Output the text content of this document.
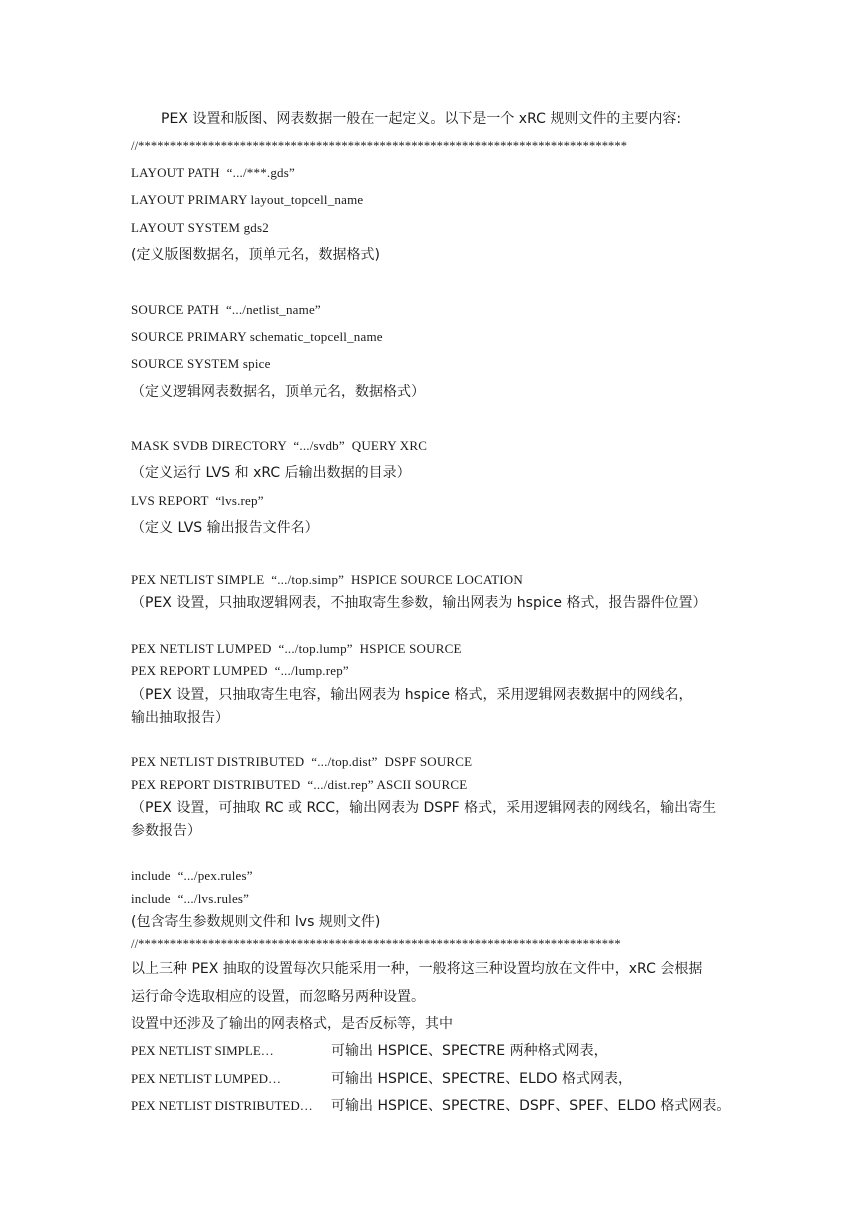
PEX 设置和版图、网表数据一般在一起定义。以下是一个 xRC 规则文件的主要内容:
//*****************************************************************************
LAYOUT PATH  “.../***.gds”
LAYOUT PRIMARY layout_topcell_name
LAYOUT SYSTEM gds2
(定义版图数据名，顶单元名，数据格式)
SOURCE PATH  “.../netlist_name”
SOURCE PRIMARY schematic_topcell_name
SOURCE SYSTEM spice
（定义逻辑网表数据名，顶单元名，数据格式）
MASK SVDB DIRECTORY  “.../svdb”  QUERY XRC
（定义运行 LVS 和 xRC 后输出数据的目录）
LVS REPORT  “lvs.rep”
（定义 LVS 输出报告文件名）
PEX NETLIST SIMPLE  “.../top.simp”  HSPICE SOURCE LOCATION
（PEX 设置，只抽取逻辑网表，不抽取寄生参数，输出网表为 hspice 格式，报告器件位置）
PEX NETLIST LUMPED  “.../top.lump”  HSPICE SOURCE
PEX REPORT LUMPED  “.../lump.rep”
（PEX 设置，只抽取寄生电容，输出网表为 hspice 格式，采用逻辑网表数据中的网线名，
输出抽取报告）
PEX NETLIST DISTRIBUTED  “.../top.dist”  DSPF SOURCE
PEX REPORT DISTRIBUTED  “.../dist.rep” ASCII SOURCE
（PEX 设置，可抽取 RC 或 RCC，输出网表为 DSPF 格式，采用逻辑网表的网线名，输出寄生
参数报告）
include  “.../pex.rules”
include  “.../lvs.rules”
(包含寄生参数规则文件和 lvs 规则文件)
//****************************************************************************
以上三种 PEX 抽取的设置每次只能采用一种，一般将这三种设置均放在文件中，xRC 会根据
运行命令选取相应的设置，而忽略另两种设置。
设置中还涉及了输出的网表格式，是否反标等，其中
PEX NETLIST SIMPLE…	可输出 HSPICE、SPECTRE 两种格式网表，
PEX NETLIST LUMPED…	可输出 HSPICE、SPECTRE、ELDO 格式网表，
PEX NETLIST DISTRIBUTED… 可输出 HSPICE、SPECTRE、DSPF、SPEF、ELDO 格式网表。
